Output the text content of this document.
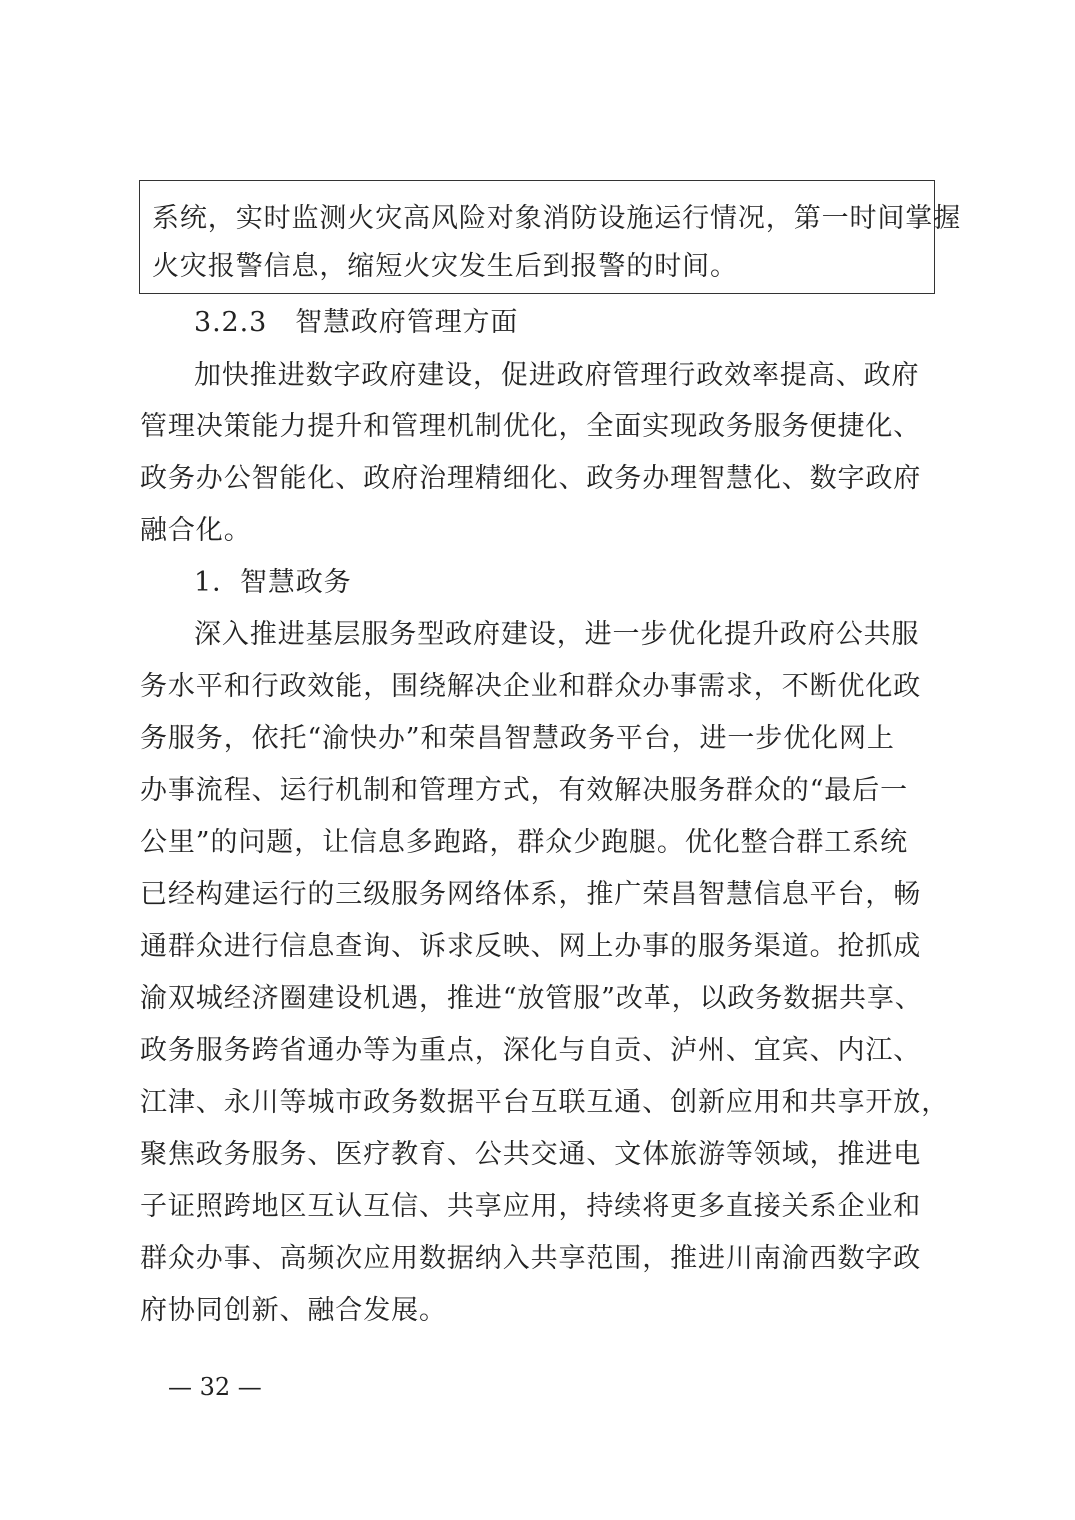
系统，实时监测火灾高风险对象消防设施运行情况，第一时间掌握
火灾报警信息，缩短火灾发生后到报警的时间。
3.2.3　智慧政府管理方面
加快推进数字政府建设，促进政府管理行政效率提高、政府
管理决策能力提升和管理机制优化，全面实现政务服务便捷化、
政务办公智能化、政府治理精细化、政务办理智慧化、数字政府
融合化。
1．智慧政务
深入推进基层服务型政府建设，进一步优化提升政府公共服
务水平和行政效能，围绕解决企业和群众办事需求，不断优化政
务服务，依托“渝快办”和荣昌智慧政务平台，进一步优化网上
办事流程、运行机制和管理方式，有效解决服务群众的“最后一
公里”的问题，让信息多跑路，群众少跑腿。优化整合群工系统
已经构建运行的三级服务网络体系，推广荣昌智慧信息平台，畅
通群众进行信息查询、诉求反映、网上办事的服务渠道。抢抓成
渝双城经济圈建设机遇，推进“放管服”改革，以政务数据共享、
政务服务跨省通办等为重点，深化与自贡、泸州、宜宾、内江、
江津、永川等城市政务数据平台互联互通、创新应用和共享开放，
聚焦政务服务、医疗教育、公共交通、文体旅游等领域，推进电
子证照跨地区互认互信、共享应用，持续将更多直接关系企业和
群众办事、高频次应用数据纳入共享范围，推进川南渝西数字政
府协同创新、融合发展。
— 32 —
